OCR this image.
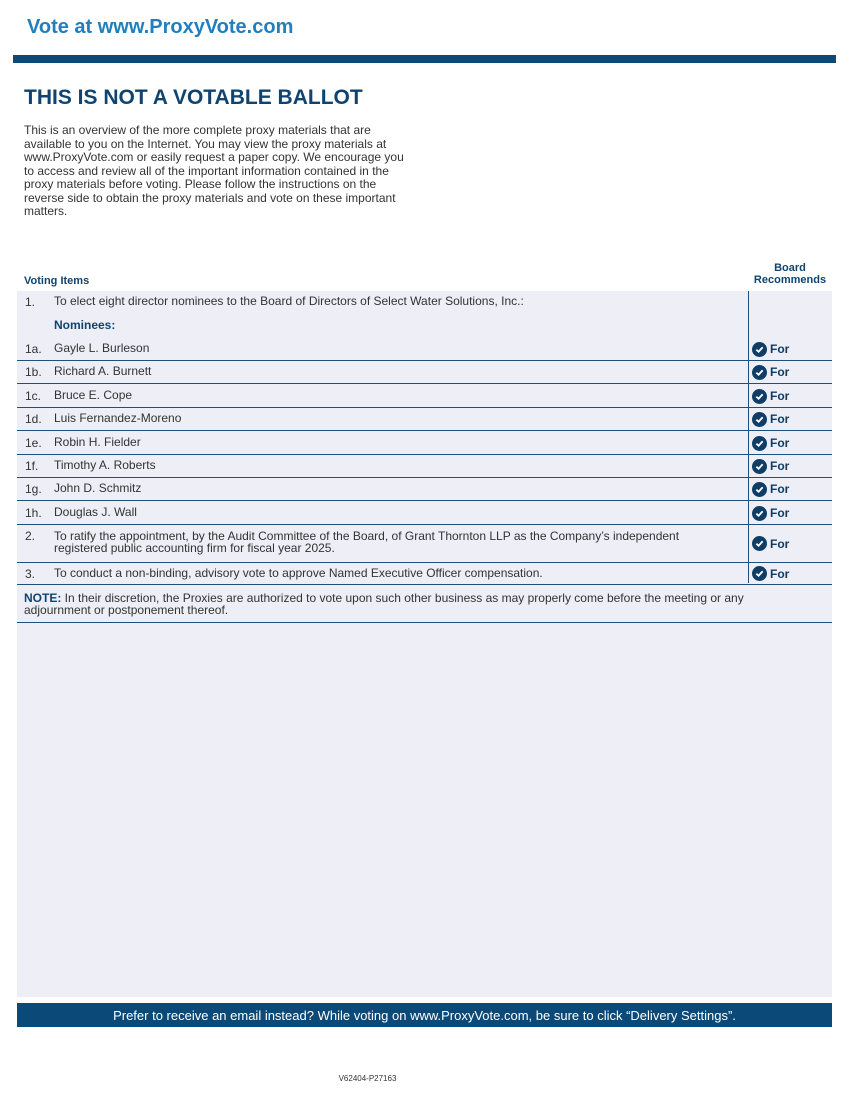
Vote at www.ProxyVote.com
THIS IS NOT A VOTABLE BALLOT
This is an overview of the more complete proxy materials that are available to you on the Internet. You may view the proxy materials at www.ProxyVote.com or easily request a paper copy. We encourage you to access and review all of the important information contained in the proxy materials before voting. Please follow the instructions on the reverse side to obtain the proxy materials and vote on these important matters.
Voting Items
Board
Recommends
1. To elect eight director nominees to the Board of Directors of Select Water Solutions, Inc.:
Nominees:
1a. Gayle L. Burleson	For
1b. Richard A. Burnett	For
1c. Bruce E. Cope	For
1d. Luis Fernandez-Moreno	For
1e. Robin H. Fielder	For
1f. Timothy A. Roberts	For
1g. John D. Schmitz	For
1h. Douglas J. Wall	For
2. To ratify the appointment, by the Audit Committee of the Board, of Grant Thornton LLP as the Company’s independent
registered public accounting firm for fiscal year 2025.	For
3. To conduct a non-binding, advisory vote to approve Named Executive Officer compensation.	For
NOTE: In their discretion, the Proxies are authorized to vote upon such other business as may properly come before the meeting or any adjournment or postponement thereof.
Prefer to receive an email instead? While voting on www.ProxyVote.com, be sure to click “Delivery Settings”.
V62404-P27163
